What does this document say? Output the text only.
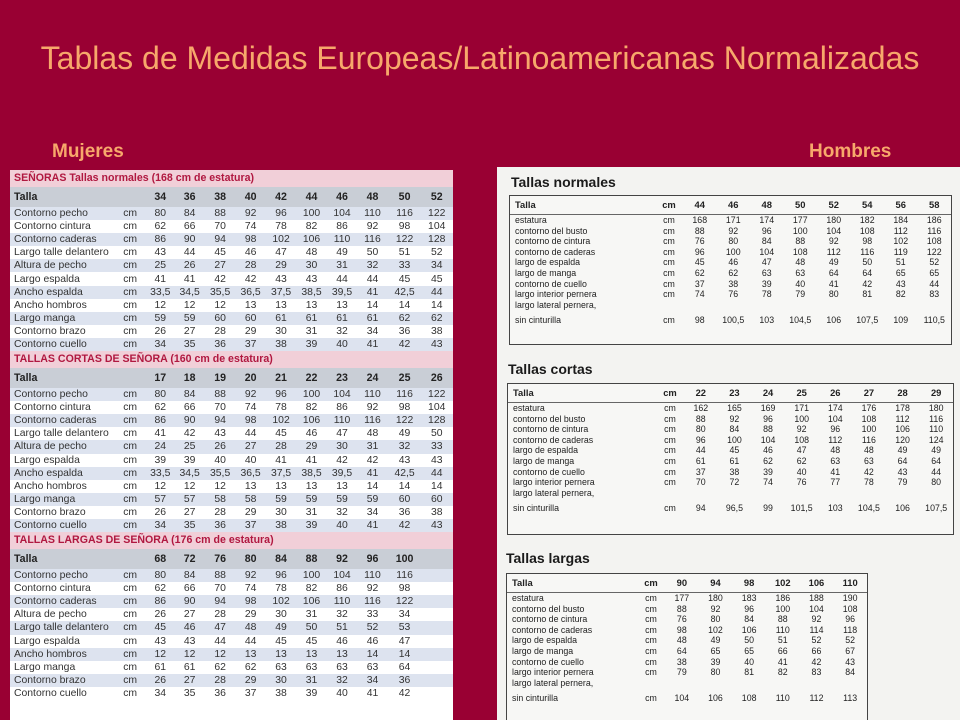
Tablas de Medidas Europeas/Latinoamericanas Normalizadas
Mujeres	Hombres
SEÑORAS Tallas normales (168 cm de estatura)											
Talla		34	36	38	40	42	44	46	48	50	52
Contorno pecho	cm	80	84	88	92	96	100	104	110	116	122
Contorno cintura	cm	62	66	70	74	78	82	86	92	98	104
Contorno caderas	cm	86	90	94	98	102	106	110	116	122	128
Largo talle delantero	cm	43	44	45	46	47	48	49	50	51	52
Altura de pecho	cm	25	26	27	28	29	30	31	32	33	34
Largo espalda	cm	41	41	42	42	43	43	44	44	45	45
Ancho espalda	cm	33,5	34,5	35,5	36,5	37,5	38,5	39,5	41	42,5	44
Ancho hombros	cm	12	12	12	13	13	13	13	14	14	14
Largo manga	cm	59	59	60	60	61	61	61	61	62	62
Contorno brazo	cm	26	27	28	29	30	31	32	34	36	38
Contorno cuello	cm	34	35	36	37	38	39	40	41	42	43
TALLAS CORTAS DE SEÑORA (160 cm de estatura)											
Talla		17	18	19	20	21	22	23	24	25	26
Contorno pecho	cm	80	84	88	92	96	100	104	110	116	122
Contorno cintura	cm	62	66	70	74	78	82	86	92	98	104
Contorno caderas	cm	86	90	94	98	102	106	110	116	122	128
Largo talle delantero	cm	41	42	43	44	45	46	47	48	49	50
Altura de pecho	cm	24	25	26	27	28	29	30	31	32	33
Largo espalda	cm	39	39	40	40	41	41	42	42	43	43
Ancho espalda	cm	33,5	34,5	35,5	36,5	37,5	38,5	39,5	41	42,5	44
Ancho hombros	cm	12	12	12	13	13	13	13	14	14	14
Largo manga	cm	57	57	58	58	59	59	59	59	60	60
Contorno brazo	cm	26	27	28	29	30	31	32	34	36	38
Contorno cuello	cm	34	35	36	37	38	39	40	41	42	43
TALLAS LARGAS DE SEÑORA (176 cm de estatura)											
Talla		68	72	76	80	84	88	92	96	100	
Contorno pecho	cm	80	84	88	92	96	100	104	110	116	
Contorno cintura	cm	62	66	70	74	78	82	86	92	98	
Contorno caderas	cm	86	90	94	98	102	106	110	116	122	
Altura de pecho	cm	26	27	28	29	30	31	32	33	34	
Largo talle delantero	cm	45	46	47	48	49	50	51	52	53	
Largo espalda	cm	43	43	44	44	45	45	46	46	47	
Ancho hombros	cm	12	12	12	13	13	13	13	14	14	
Largo manga	cm	61	61	62	62	63	63	63	63	64	
Contorno brazo	cm	26	27	28	29	30	31	32	34	36	
Contorno cuello	cm	34	35	36	37	38	39	40	41	42	
Tallas normales
Talla	cm	44	46	48	50	52	54	56	58
estatura	cm	168	171	174	177	180	182	184	186
contorno del busto	cm	88	92	96	100	104	108	112	116
contorno de cintura	cm	76	80	84	88	92	98	102	108
contorno de caderas	cm	96	100	104	108	112	116	119	122
largo de espalda	cm	45	46	47	48	49	50	51	52
largo de manga	cm	62	62	63	63	64	64	65	65
contorno de cuello	cm	37	38	39	40	41	42	43	44
largo interior pernera	cm	74	76	78	79	80	81	82	83
largo lateral pernera,									
sin cinturilla	cm	98	100,5	103	104,5	106	107,5	109	110,5
Tallas cortas
Talla	cm	22	23	24	25	26	27	28	29
estatura	cm	162	165	169	171	174	176	178	180
contorno del busto	cm	88	92	96	100	104	108	112	116
contorno de cintura	cm	80	84	88	92	96	100	106	110
contorno de caderas	cm	96	100	104	108	112	116	120	124
largo de espalda	cm	44	45	46	47	48	48	49	49
largo de manga	cm	61	61	62	62	63	63	64	64
contorno de cuello	cm	37	38	39	40	41	42	43	44
largo interior pernera	cm	70	72	74	76	77	78	79	80
largo lateral pernera,									
sin cinturilla	cm	94	96,5	99	101,5	103	104,5	106	107,5
Tallas largas
Talla	cm	90	94	98	102	106	110
estatura	cm	177	180	183	186	188	190
contorno del busto	cm	88	92	96	100	104	108
contorno de cintura	cm	76	80	84	88	92	96
contorno de caderas	cm	98	102	106	110	114	118
largo de espalda	cm	48	49	50	51	52	52
largo de manga	cm	64	65	65	66	66	67
contorno de cuello	cm	38	39	40	41	42	43
largo interior pernera	cm	79	80	81	82	83	84
largo lateral pernera,							
sin cinturilla	cm	104	106	108	110	112	113
